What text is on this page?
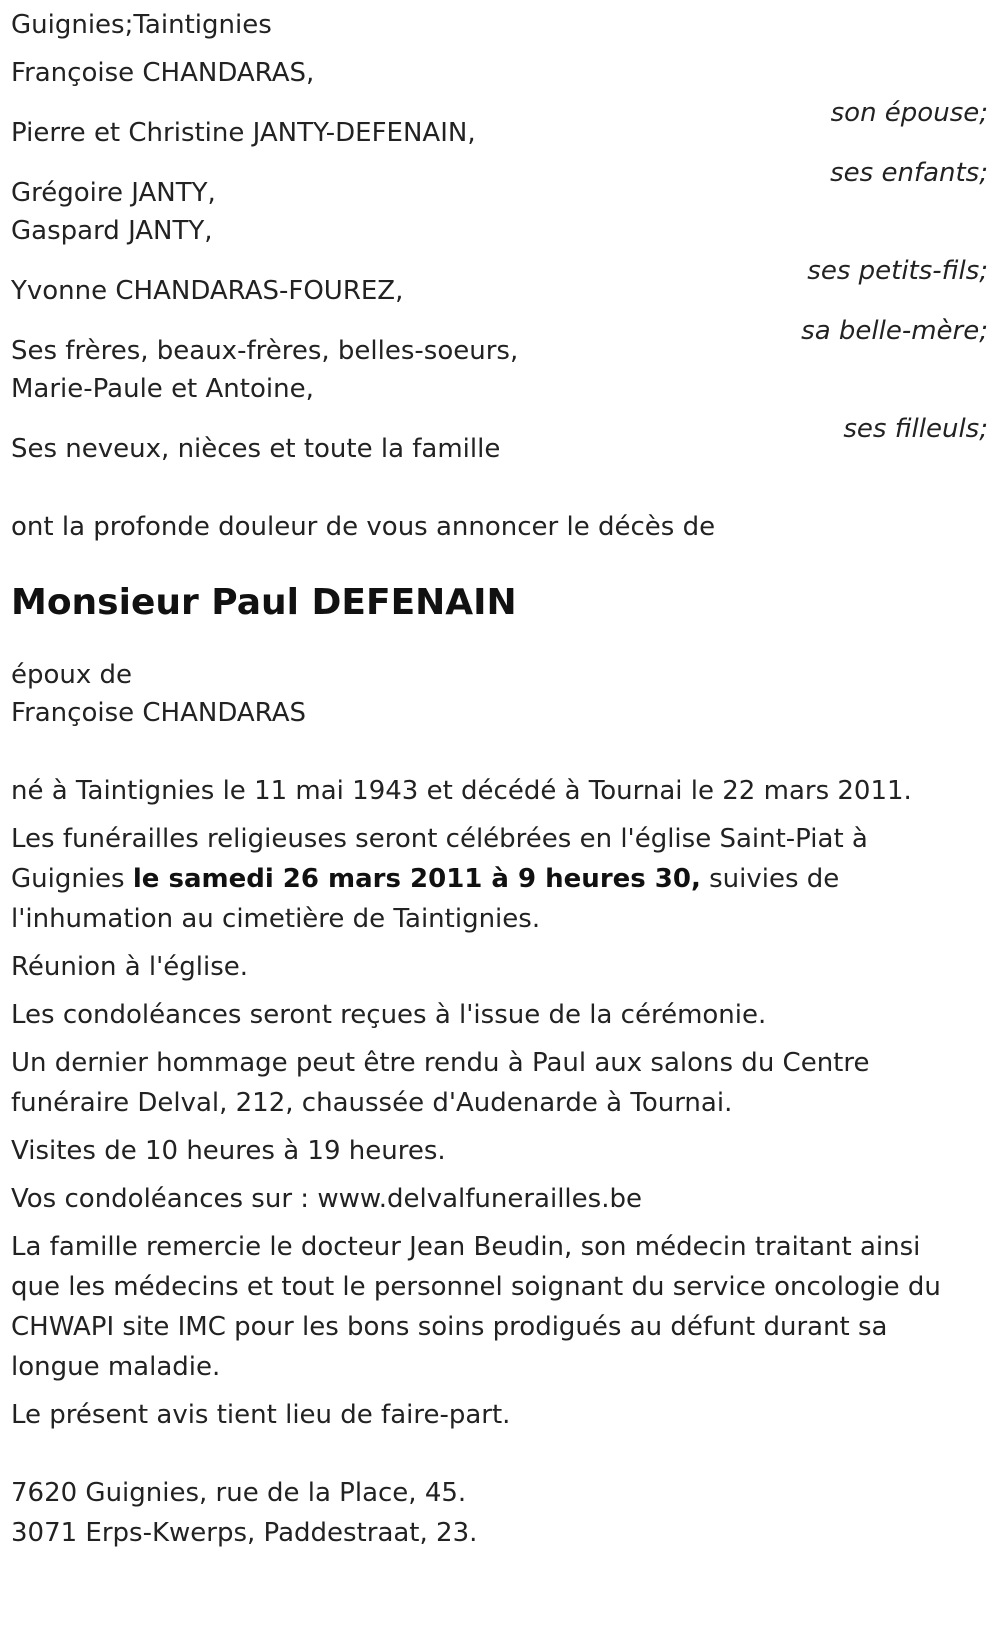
Guignies;Taintignies
Françoise CHANDARAS,
son épouse;
Pierre et Christine JANTY-DEFENAIN,
ses enfants;
Grégoire JANTY,
Gaspard JANTY,
ses petits-fils;
Yvonne CHANDARAS-FOUREZ,
sa belle-mère;
Ses frères, beaux-frères, belles-soeurs,
Marie-Paule et Antoine,
ses filleuls;
Ses neveux, nièces et toute la famille
ont la profonde douleur de vous annoncer le décès de
Monsieur Paul DEFENAIN
époux de
Françoise CHANDARAS
né à Taintignies le 11 mai 1943 et décédé à Tournai le 22 mars 2011.
Les funérailles religieuses seront célébrées en l'église Saint-Piat à Guignies le samedi 26 mars 2011 à 9 heures 30, suivies de l'inhumation au cimetière de Taintignies.
Réunion à l'église.
Les condoléances seront reçues à l'issue de la cérémonie.
Un dernier hommage peut être rendu à Paul aux salons du Centre funéraire Delval, 212, chaussée d'Audenarde à Tournai.
Visites de 10 heures à 19 heures.
Vos condoléances sur : www.delvalfunerailles.be
La famille remercie le docteur Jean Beudin, son médecin traitant ainsi que les médecins et tout le personnel soignant du service oncologie du CHWAPI site IMC pour les bons soins prodigués au défunt durant sa longue maladie.
Le présent avis tient lieu de faire-part.
7620 Guignies, rue de la Place, 45.
3071 Erps-Kwerps, Paddestraat, 23.
